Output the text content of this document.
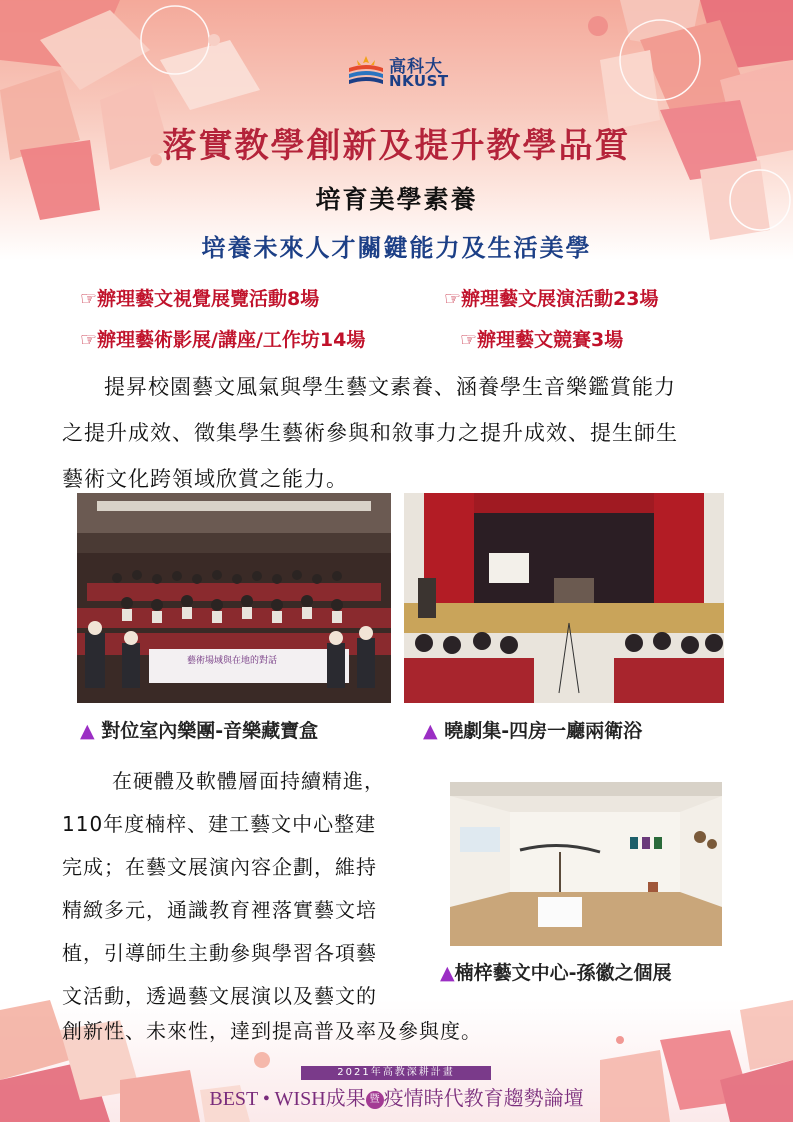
高科大
NKUST
落實教學創新及提升教學品質
培育美學素養
培養未來人才關鍵能力及生活美學
☞辦理藝文視覺展覽活動8場	☞辦理藝文展演活動23場
☞辦理藝術影展/講座/工作坊14場	☞辦理藝文競賽3場
提昇校園藝文風氣與學生藝文素養、涵養學生音樂鑑賞能力
之提升成效、徵集學生藝術參與和敘事力之提升成效、提生師生
藝術文化跨領域欣賞之能力。
藝術場域與在地的對話
▲ 對位室內樂團-音樂藏寶盒	▲ 曉劇集-四房一廳兩衛浴
在硬體及軟體層面持續精進，
110年度楠梓、建工藝文中心整建
完成；在藝文展演內容企劃，維持
精緻多元，通識教育裡落實藝文培
植，引導師生主動參與學習各項藝
文活動，透過藝文展演以及藝文的
▲楠梓藝文中心-孫徽之個展
創新性、未來性，達到提高普及率及參與度。
2021年高教深耕計畫
BEST • WISH成果 暨 疫情時代教育趨勢論壇
